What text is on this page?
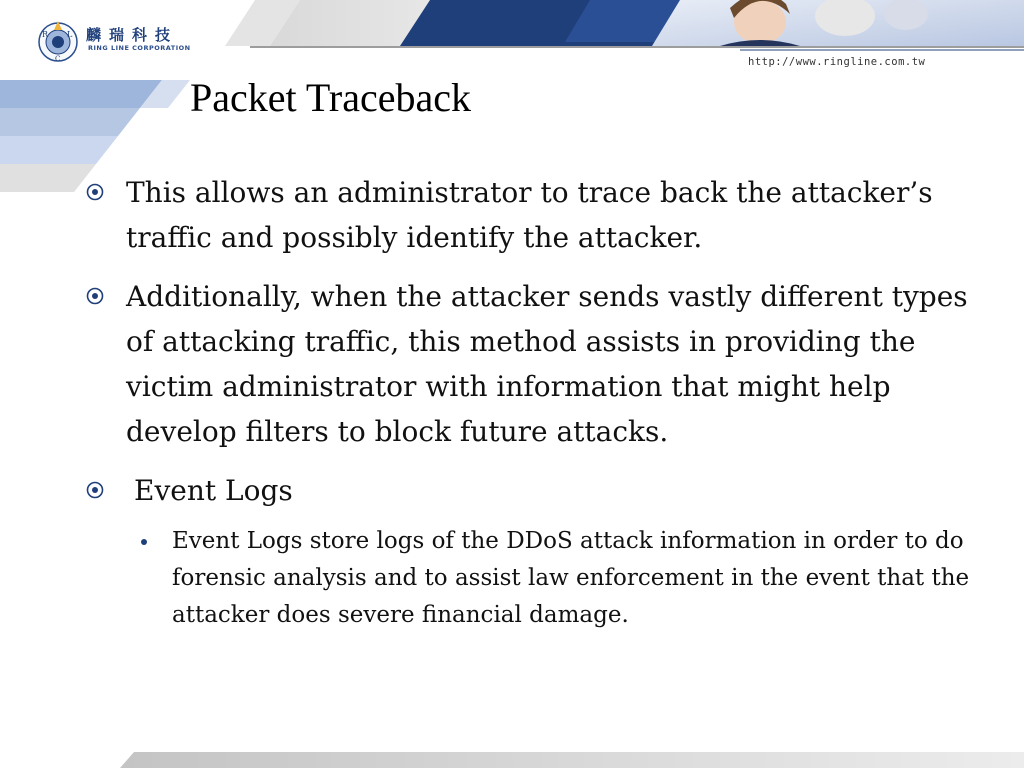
R L
C
麟瑞科技
RING LINE CORPORATION
http://www.ringline.com.tw
Packet Traceback
This allows an administrator to trace back the attacker’s traffic and possibly identify the attacker.
Additionally, when the attacker sends vastly different types of attacking traffic, this method assists in providing the victim administrator with information that might help develop filters to block future attacks.
Event Logs
Event Logs store logs of the DDoS attack information in order to do forensic analysis and to assist law enforcement in the event that the attacker does severe financial damage.
